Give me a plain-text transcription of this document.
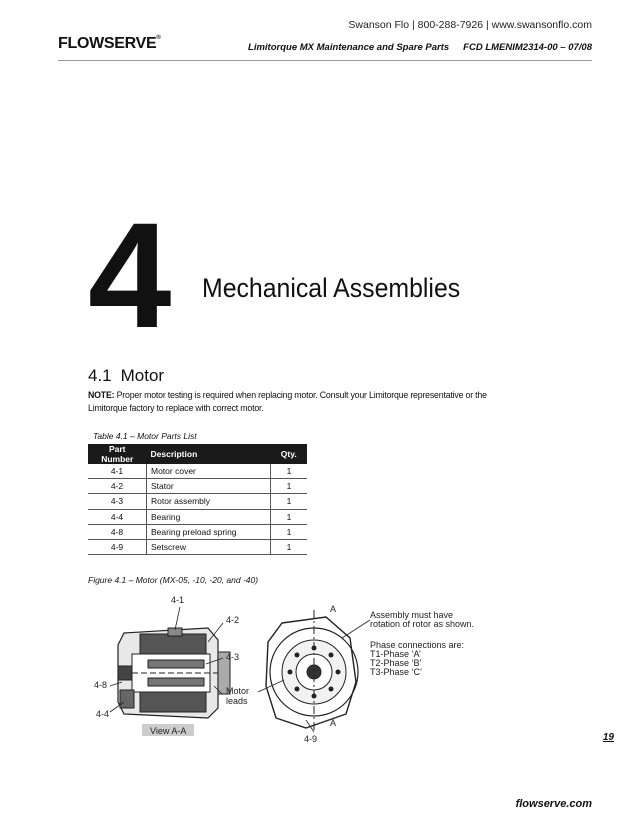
Swanson Flo | 800-288-7926 | www.swansonflo.com
FLOWSERVE®
Limitorque MX Maintenance and Spare Parts FCD LMENIM2314-00 – 07/08
4 Mechanical Assemblies
4.1 Motor
NOTE: Proper motor testing is required when replacing motor. Consult your Limitorque representative or the Limitorque factory to replace with correct motor.
Table 4.1 – Motor Parts List
Part Number	Description	Qty.
4-1	Motor cover	1
4-2	Stator	1
4-3	Rotor assembly	1
4-4	Bearing	1
4-8	Bearing preload spring	1
4-9	Setscrew	1
Figure 4.1 – Motor (MX-05, -10, -20, and -40)
4-1
4-2
4-3
4-8
4-4
4-9
Motor
leads
View A-A
A
A
Assembly must have
rotation of rotor as shown.
Phase connections are:
T1-Phase ‘A’
T2-Phase ‘B’
T3-Phase ‘C’
19
flowserve.com
